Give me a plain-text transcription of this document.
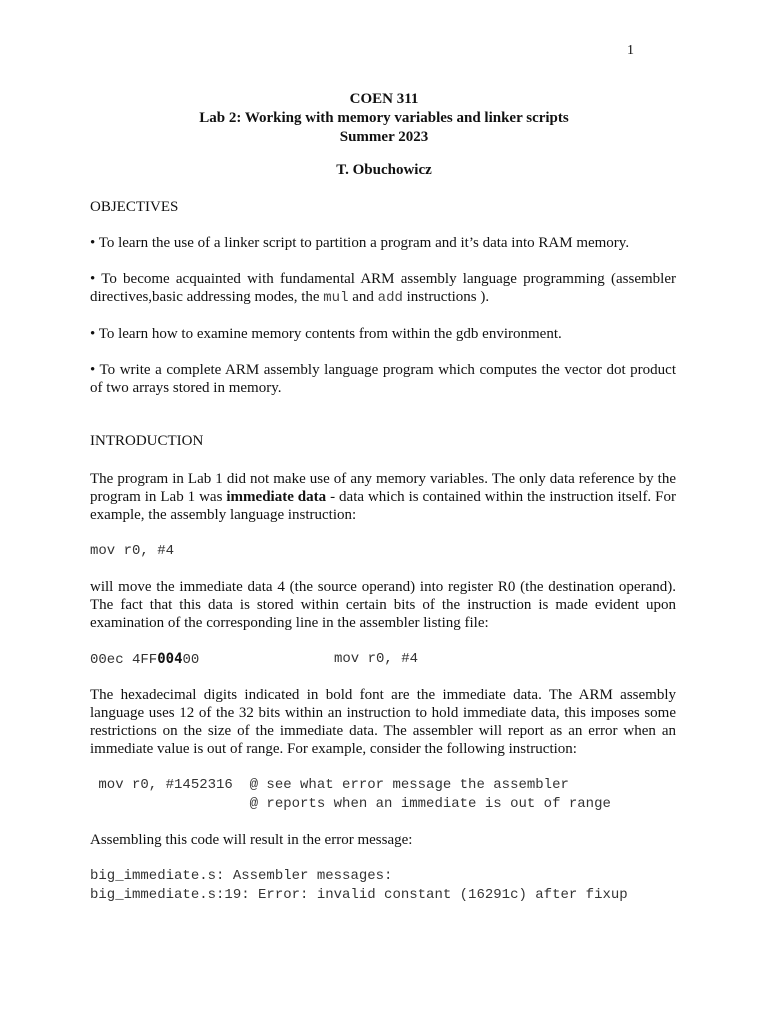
1
COEN 311
Lab 2: Working with memory variables and linker scripts
Summer 2023
T. Obuchowicz
OBJECTIVES
• To learn the use of a linker script to partition a program and it’s data into RAM memory.
• To become acquainted with fundamental ARM assembly language programming (assembler directives,basic addressing modes, the mul and add instructions ).
• To learn how to examine memory contents from within the gdb environment.
• To write a complete ARM assembly language program which computes the vector dot product of two arrays stored in memory.
INTRODUCTION
The program in Lab 1 did not make use of any memory variables. The only data reference by the program in Lab 1 was immediate data - data which is contained within the instruction itself. For example, the assembly language instruction:
mov r0, #4
will move the immediate data 4 (the source operand) into register R0 (the destination operand). The fact that this data is stored within certain bits of the instruction is made evident upon examination of the corresponding line in the assembler listing file:
00ec 4FF00400	mov r0, #4
The hexadecimal digits indicated in bold font are the immediate data. The ARM assembly language uses 12 of the 32 bits within an instruction to hold immediate data, this imposes some restrictions on the size of the immediate data. The assembler will report as an error when an immediate value is out of range. For example, consider the following instruction:
mov r0, #1452316  @ see what error message the assembler
@ reports when an immediate is out of range
Assembling this code will result in the error message:
big_immediate.s: Assembler messages:
big_immediate.s:19: Error: invalid constant (16291c) after fixup
